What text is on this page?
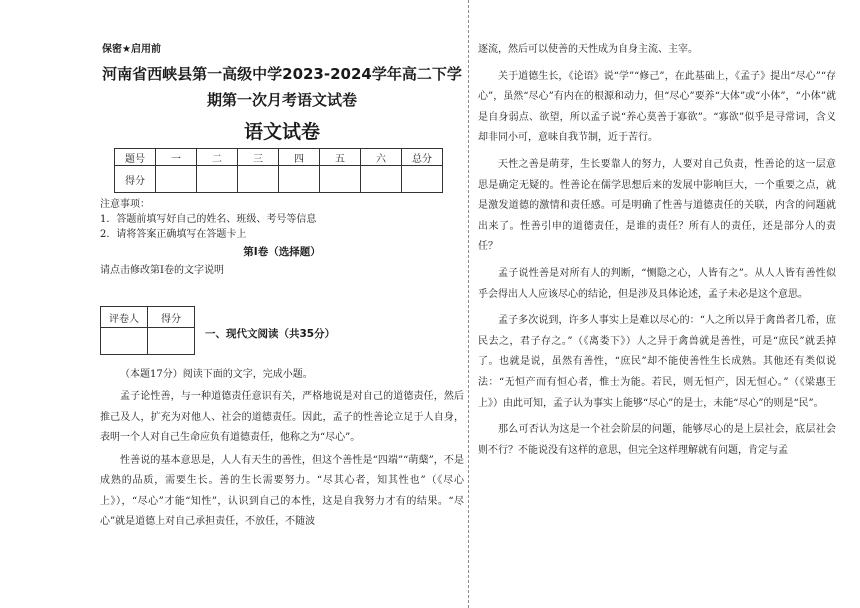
保密★启用前
河南省西峡县第一高级中学2023-2024学年高二下学
期第一次月考语文试卷
语文试卷
题号	一	二	三	四	五	六	总分
得分							
注意事项：
1．答题前填写好自己的姓名、班级、考号等信息
2．请将答案正确填写在答题卡上
第Ⅰ卷（选择题）
请点击修改第Ⅰ卷的文字说明
评卷人	得分

一、现代文阅读（共35分）
（本题17分）阅读下面的文字，完成小题。

孟子论性善，与一种道德责任意识有关，严格地说是对自己的道德责任，然后推己及人，扩充为对他人、社会的道德责任。因此，孟子的性善论立足于人自身，表明一个人对自己生命应负有道德责任，他称之为“尽心”。

性善说的基本意思是，人人有天生的善性，但这个善性是“四端”“萌蘖”，不是成熟的品质，需要生长。善的生长需要努力。“尽其心者，知其性也”（《尽心上》），“尽心”才能“知性”，认识到自己的本性，这是自我努力才有的结果。“尽心”就是道德上对自己承担责任，不放任，不随波

逐流，然后可以使善的天性成为自身主流、主宰。

关于道德生长，《论语》说“学”“修己”，在此基础上，《孟子》提出“尽心”“存心”，虽然“尽心”有内在的根源和动力，但“尽心”要养“大体”或“小体”，“小体”就是自身弱点、欲望，所以孟子说“养心莫善于寡欲”。“寡欲”似乎是寻常词，含义却非同小可，意味自我节制，近于苦行。

天性之善是萌芽，生长要靠人的努力，人要对自己负责，性善论的这一层意思是确定无疑的。性善论在儒学思想后来的发展中影响巨大，一个重要之点，就是激发道德的激情和责任感。可是明确了性善与道德责任的关联，内含的问题就出来了。性善引申的道德责任，是谁的责任？所有人的责任，还是部分人的责任？

孟子说性善是对所有人的判断，“恻隐之心，人皆有之”。从人人皆有善性似乎会得出人人应该尽心的结论，但是涉及具体论述，孟子未必是这个意思。

孟子多次说到，许多人事实上是难以尽心的：“人之所以异于禽兽者几希，庶民去之，君子存之。”（《离娄下》）人之异于禽兽就是善性，可是“庶民”就丢掉了。也就是说，虽然有善性，“庶民”却不能使善性生长成熟。其他还有类似说法：“无恒产而有恒心者，惟士为能。若民，则无恒产，因无恒心。”（《梁惠王上》）由此可知，孟子认为事实上能够“尽心”的是士，未能“尽心”的则是“民”。

那么可否认为这是一个社会阶层的问题，能够尽心的是上层社会，底层社会则不行？不能说没有这样的意思，但完全这样理解就有问题，肯定与孟
